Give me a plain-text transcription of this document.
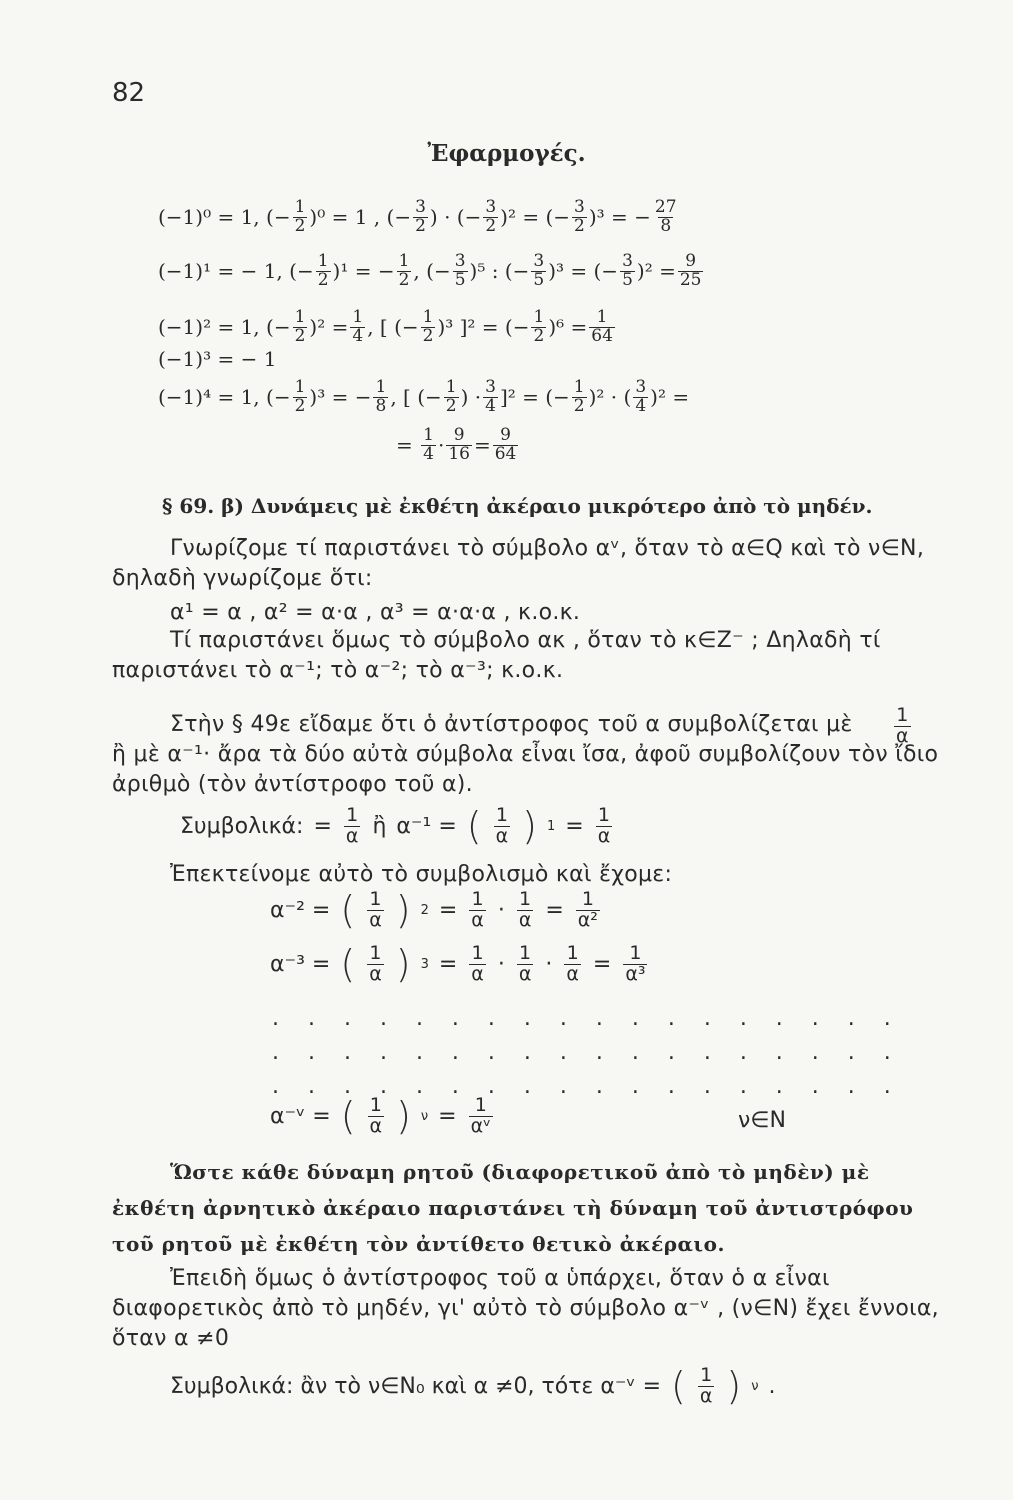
82
Ἐφαρμογές.
(−1)⁰ = 1,
(− $\frac{1}{2} )^0 = 1$ , (− $\frac{3}{2}$ ) · (− $\frac{3}{2} )^2$ = (− $\frac{3}{2} )^3$ = − $\frac{27}{8}$
(−1)¹ = − 1,
(− $\frac{1}{2} )^1$ = − $\frac{1}{2}$ , (− $\frac{3}{5} )^5$ : (− $\frac{3}{5} )^3$ = (− $\frac{3}{5} )^2 = \frac{9}{25}$
(−1)² = 1,
(− $\frac{1}{2} )^2 = \frac{1}{4}$ , [ (− $\frac{1}{2} )^3$ ]² = (− $\frac{1}{2} )^6 = \frac{1}{64}$
(−1)³ = − 1
(−1)⁴ = 1,
(− $\frac{1}{2} )^3$ = − $\frac{1}{8}$ , [ (− $\frac{1}{2}$ ) · $\frac{3}{4} ]^2$ = (− $\frac{1}{2} )^2$ · ( $\frac{3}{4} )^2$ =
=
$\frac{1}{4} \cdot \frac{9}{16} = \frac{9}{64}$
§ 69. β) Δυνάμεις μὲ ἐκθέτη ἀκέραιο μικρότερο ἀπὸ τὸ μηδέν.
Γνωρίζομε τί παριστάνει τὸ σύμβολο αᵛ, ὅταν τὸ α∈Q καὶ τὸ ν∈N, δηλαδὴ γνωρίζομε ὅτι:
α¹ = α , α² = α·α , α³ = α·α·α , κ.ο.κ.
Τί παριστάνει ὅμως τὸ σύμβολο ακ , ὅταν τὸ κ∈Z⁻ ; Δηλαδὴ τί παριστάνει τὸ α⁻¹; τὸ α⁻²; τὸ α⁻³; κ.ο.κ.
Στὴν § 49ε εἴδαμε ὅτι ὁ ἀντίστροφος τοῦ α συμβολίζεται μὲ	$\frac{1}{\alpha}$
ἢ μὲ α⁻¹· ἄρα τὰ δύο αὐτὰ σύμβολα εἶναι ἴσα, ἀφοῦ συμβολίζουν τὸν ἴδιο ἀριθμὸ (τὸν ἀντίστροφο τοῦ α).
Συμβολικά: = $\frac{1}{\alpha}$ ἢ α⁻¹ = ( $\frac{1}{\alpha}$ ) $1 = \frac{1}{\alpha}$
Ἐπεκτείνομε αὐτὸ τὸ συμβολισμὸ καὶ ἔχομε:
α⁻² = ( $\frac{1}{\alpha}$ ) $2 = \frac{1}{\alpha} \cdot \frac{1}{\alpha} = \frac{1}{\text{α²}}$
α⁻³ = ( $\frac{1}{\alpha}$ ) $3 = \frac{1}{\alpha} \cdot \frac{1}{\alpha} \cdot \frac{1}{\alpha} = \frac{1}{\text{α³}}$
. . . . . . . . . . . . . . . . . .
. . . . . . . . . . . . . . . . . .
. . . . . . . . . . . . . . . . . .
α⁻ᵛ = ( $\frac{1}{\alpha}$ ) $\nu = \frac{1}{\text{αᵛ}}$	ν∈N
Ὥστε κάθε δύναμη ρητοῦ (διαφορετικοῦ ἀπὸ τὸ μηδὲν) μὲ ἐκθέτη ἀρνητικὸ ἀκέραιο παριστάνει τὴ δύναμη τοῦ ἀντιστρόφου τοῦ ρητοῦ μὲ ἐκθέτη τὸν ἀντίθετο θετικὸ ἀκέραιο.
Ἐπειδὴ ὅμως ὁ ἀντίστροφος τοῦ α ὑπάρχει, ὅταν ὁ α εἶναι διαφορετικὸς ἀπὸ τὸ μηδέν, γι' αὐτὸ τὸ σύμβολο α⁻ᵛ , (ν∈N) ἔχει ἔννοια, ὅταν α ≠0
Συμβολικά: ἂν τὸ ν∈N₀ καὶ α ≠0, τότε α⁻ᵛ = ( $\frac{1}{\alpha}$ ) ν .
